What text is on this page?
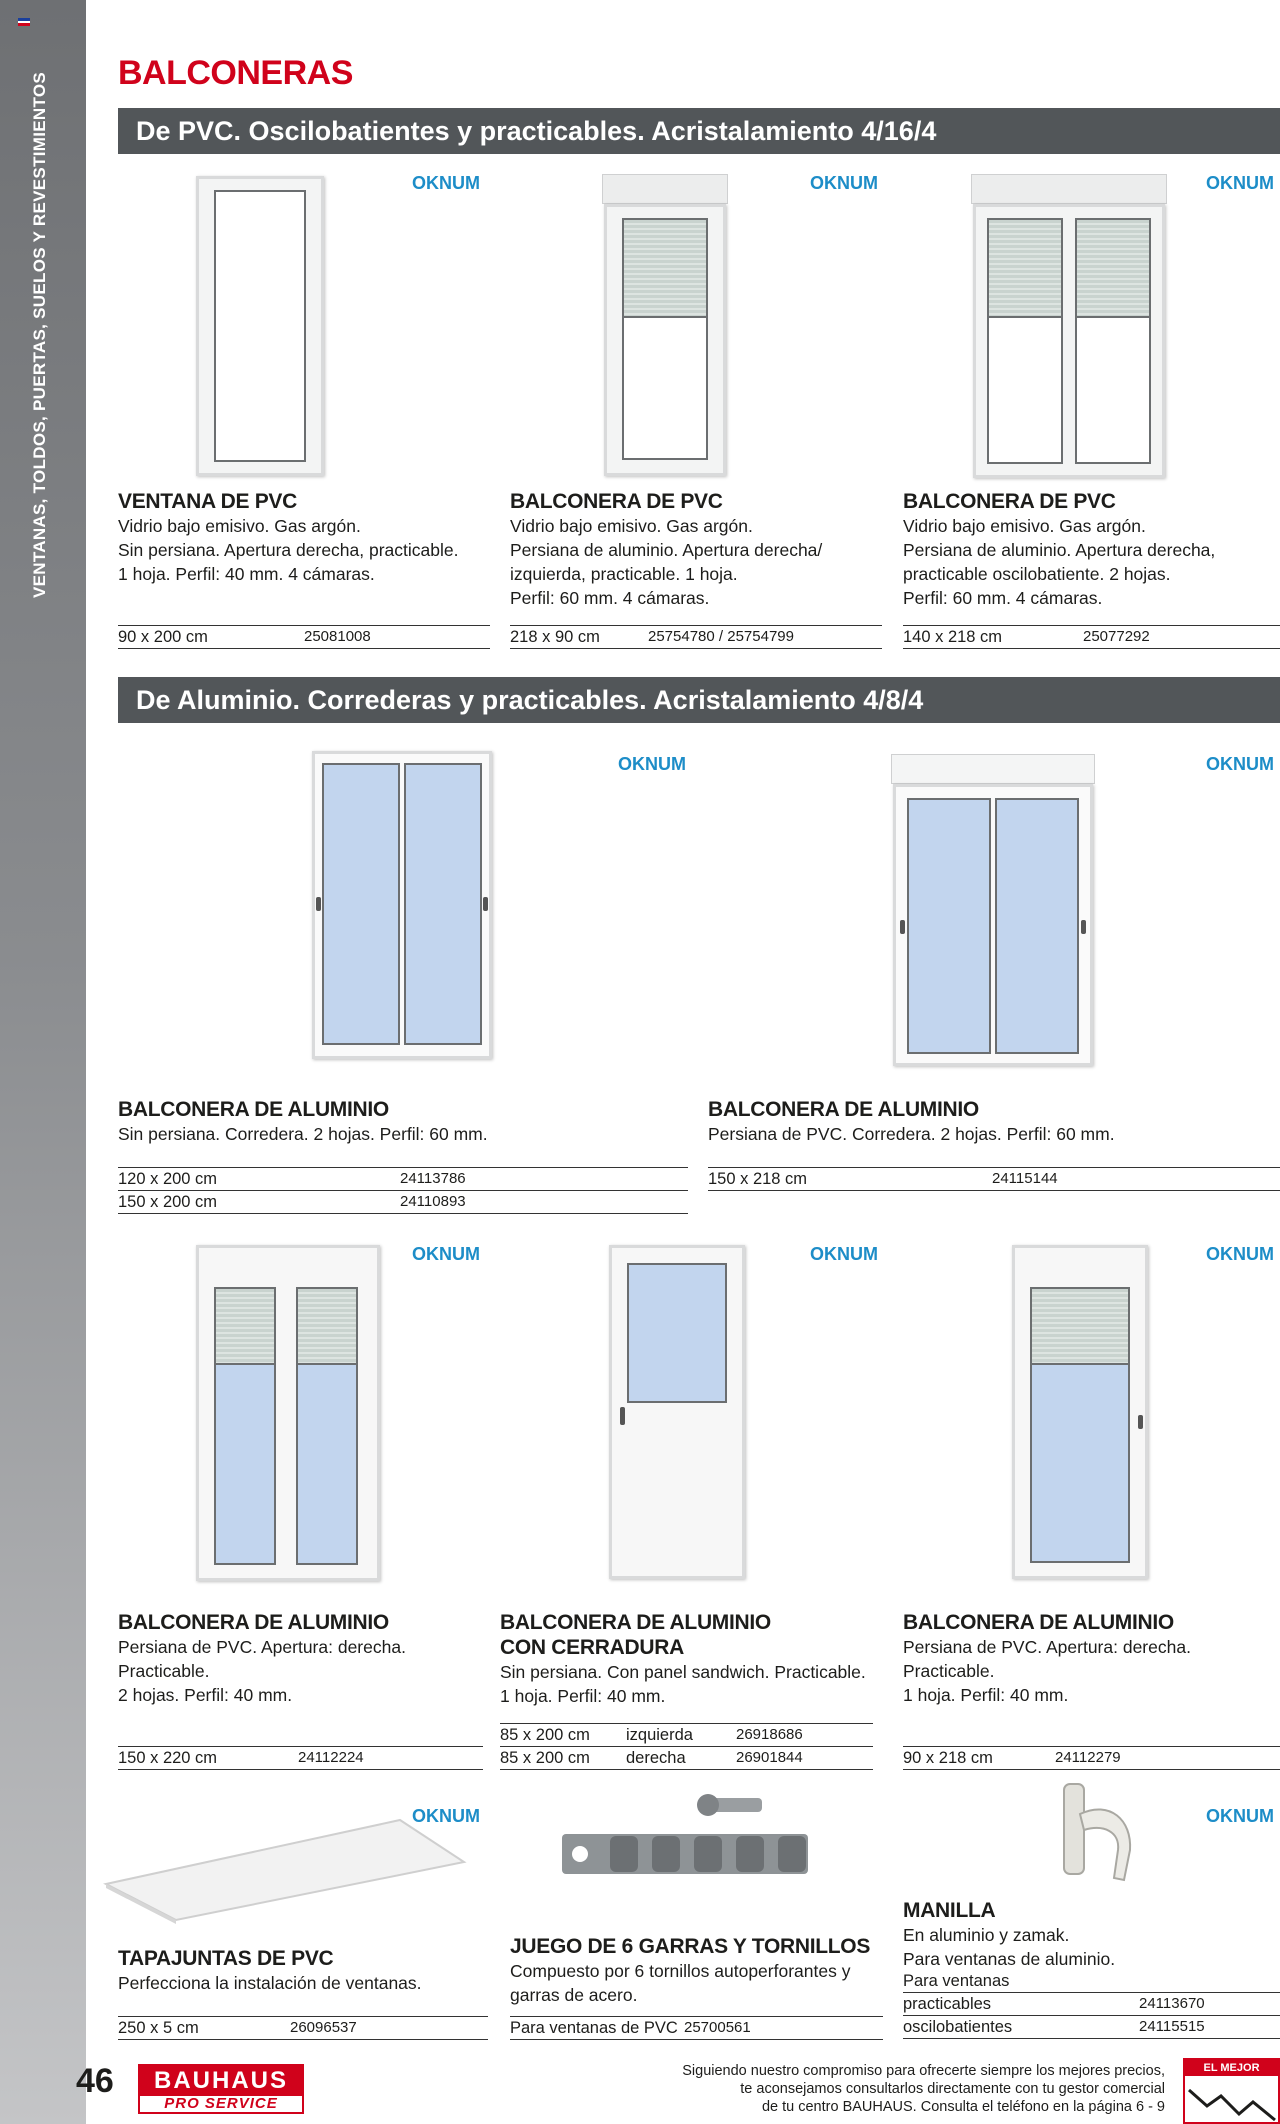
VENTANAS, TOLDOS, PUERTAS, SUELOS Y REVESTIMIENTOS BALCONERAS
De PVC. Oscilobatientes y practicables. Acristalamiento 4/16/4
OKNUM
VENTANA DE PVC
Vidrio bajo emisivo. Gas argón.
Sin persiana. Apertura derecha, practicable.
1 hoja. Perfil: 40 mm. 4 cámaras.
90 x 200 cm	25081008
OKNUM
BALCONERA DE PVC
Vidrio bajo emisivo. Gas argón.
Persiana de aluminio. Apertura derecha/
izquierda, practicable. 1 hoja.
Perfil: 60 mm. 4 cámaras.
218 x 90 cm	25754780 / 25754799
OKNUM
BALCONERA DE PVC
Vidrio bajo emisivo. Gas argón.
Persiana de aluminio. Apertura derecha,
practicable oscilobatiente. 2 hojas.
Perfil: 60 mm. 4 cámaras.
140 x 218 cm	25077292
De Aluminio. Correderas y practicables. Acristalamiento 4/8/4
OKNUM
BALCONERA DE ALUMINIO
Sin persiana. Corredera. 2 hojas. Perfil: 60 mm.
120 x 200 cm	24113786
150 x 200 cm	24110893
OKNUM
BALCONERA DE ALUMINIO
Persiana de PVC. Corredera. 2 hojas. Perfil: 60 mm.
150 x 218 cm	24115144
OKNUM
BALCONERA DE ALUMINIO
Persiana de PVC. Apertura: derecha. Practicable.
2 hojas. Perfil: 40 mm.
150 x 220 cm	24112224
OKNUM
BALCONERA DE ALUMINIO
CON CERRADURA
Sin persiana. Con panel sandwich. Practicable.
1 hoja. Perfil: 40 mm.
85 x 200 cm	izquierda	26918686
85 x 200 cm	derecha	26901844
OKNUM
BALCONERA DE ALUMINIO
Persiana de PVC. Apertura: derecha. Practicable.
1 hoja. Perfil: 40 mm.
90 x 218 cm	24112279
OKNUM
TAPAJUNTAS DE PVC
Perfecciona la instalación de ventanas.
250 x 5 cm	26096537
JUEGO DE 6 GARRAS Y TORNILLOS
Compuesto por 6 tornillos autoperforantes y
garras de acero.
Para ventanas de PVC 25700561
OKNUM
MANILLA
En aluminio y zamak.
Para ventanas de aluminio.
Para ventanas
practicables	24113670
oscilobatientes	24115515
46	BAUHAUS
PRO SERVICE
Siguiendo nuestro compromiso para ofrecerte siempre los mejores precios,
te aconsejamos consultarlos directamente con tu gestor comercial
de tu centro BAUHAUS. Consulta el teléfono en la página 6 - 9
EL MEJOR PRECIO
